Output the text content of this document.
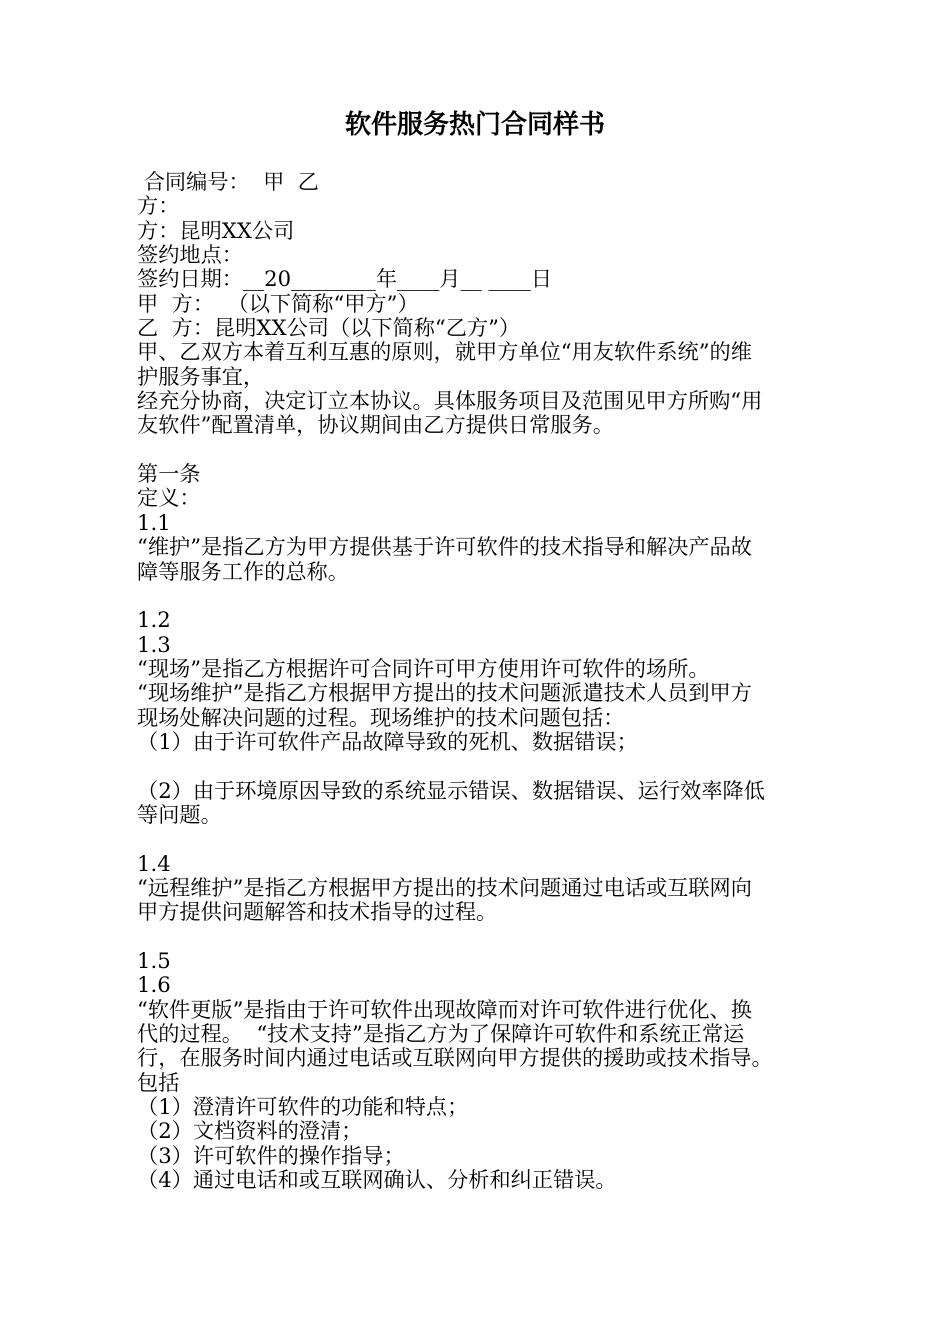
软件服务热门合同样书
合同编号：  甲  乙
方：
方：昆明XX公司
签约地点：
签约日期：__20________年____月__ ____日
甲  方：  （以下简称“甲方”）
乙  方：昆明XX公司（以下简称“乙方”）
甲、乙双方本着互利互惠的原则，就甲方单位“用友软件系统”的维
护服务事宜，
经充分协商，决定订立本协议。具体服务项目及范围见甲方所购“用
友软件”配置清单，协议期间由乙方提供日常服务。
第一条
定义：
1.1
“维护”是指乙方为甲方提供基于许可软件的技术指导和解决产品故
障等服务工作的总称。
1.2
1.3
“现场”是指乙方根据许可合同许可甲方使用许可软件的场所。
“现场维护”是指乙方根据甲方提出的技术问题派遣技术人员到甲方
现场处解决问题的过程。现场维护的技术问题包括：
（1）由于许可软件产品故障导致的死机、数据错误；
（2）由于环境原因导致的系统显示错误、数据错误、运行效率降低
等问题。
1.4
“远程维护”是指乙方根据甲方提出的技术问题通过电话或互联网向
甲方提供问题解答和技术指导的过程。
1.5
1.6
“软件更版”是指由于许可软件出现故障而对许可软件进行优化、换
代的过程。  “技术支持”是指乙方为了保障许可软件和系统正常运
行，在服务时间内通过电话或互联网向甲方提供的援助或技术指导。
包括
（1）澄清许可软件的功能和特点；
（2）文档资料的澄清；
（3）许可软件的操作指导；
（4）通过电话和或互联网确认、分析和纠正错误。
